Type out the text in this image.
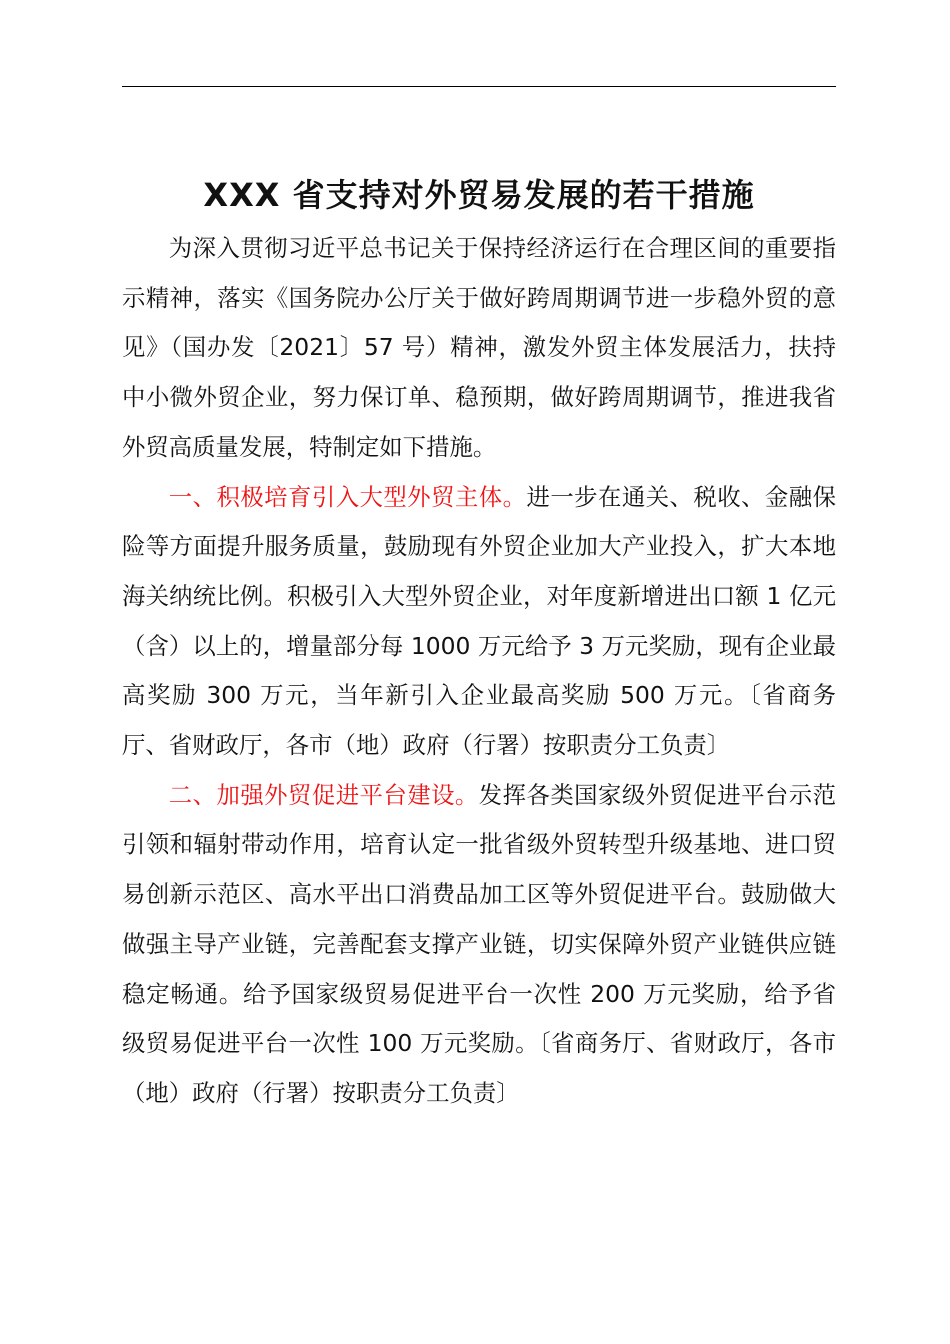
XXX 省支持对外贸易发展的若干措施

为深入贯彻习近平总书记关于保持经济运行在合理区间的重要指示精神，落实《国务院办公厅关于做好跨周期调节进一步稳外贸的意见》（国办发〔2021〕57 号）精神，激发外贸主体发展活力，扶持中小微外贸企业，努力保订单、稳预期，做好跨周期调节，推进我省外贸高质量发展，特制定如下措施。

一、积极培育引入大型外贸主体。进一步在通关、税收、金融保险等方面提升服务质量，鼓励现有外贸企业加大产业投入，扩大本地海关纳统比例。积极引入大型外贸企业，对年度新增进出口额 1 亿元（含）以上的，增量部分每 1000 万元给予 3 万元奖励，现有企业最高奖励 300 万元，当年新引入企业最高奖励 500 万元。〔省商务厅、省财政厅，各市（地）政府（行署）按职责分工负责〕

二、加强外贸促进平台建设。发挥各类国家级外贸促进平台示范引领和辐射带动作用，培育认定一批省级外贸转型升级基地、进口贸易创新示范区、高水平出口消费品加工区等外贸促进平台。鼓励做大做强主导产业链，完善配套支撑产业链，切实保障外贸产业链供应链稳定畅通。给予国家级贸易促进平台一次性 200 万元奖励，给予省级贸易促进平台一次性 100 万元奖励。〔省商务厅、省财政厅，各市（地）政府（行署）按职责分工负责〕
